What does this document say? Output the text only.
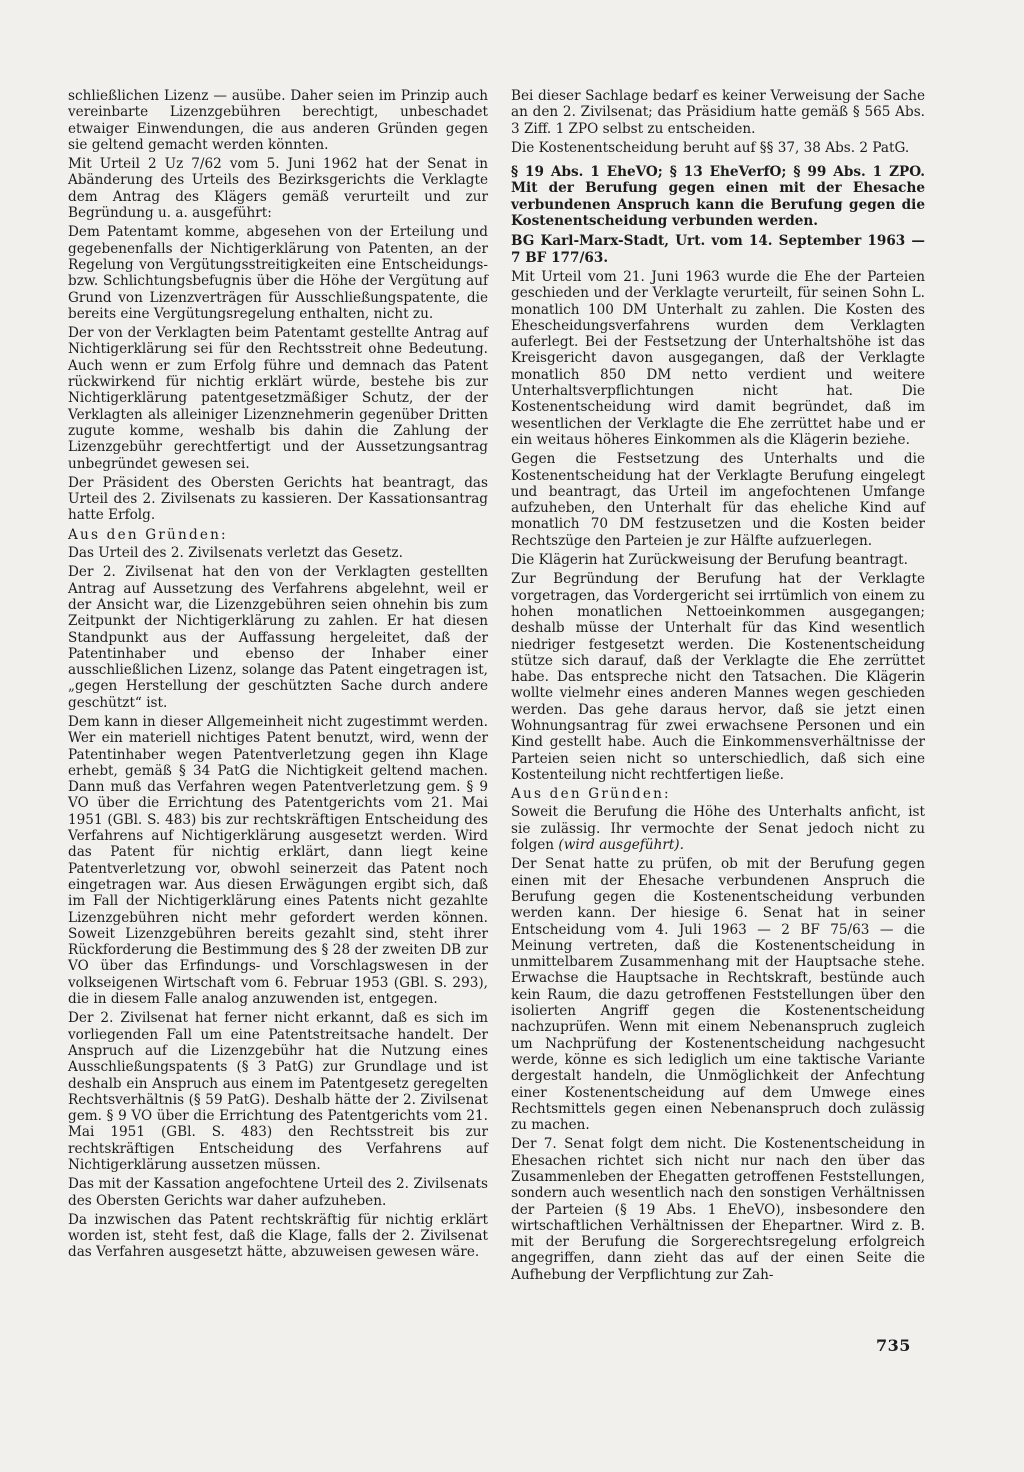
schließlichen Lizenz — ausübe. Daher seien im Prinzip auch vereinbarte Lizenzgebühren berechtigt, unbeschadet etwaiger Einwendungen, die aus anderen Gründen gegen sie geltend gemacht werden könnten.

Mit Urteil 2 Uz 7/62 vom 5. Juni 1962 hat der Senat in Abänderung des Urteils des Bezirksgerichts die Verklagte dem Antrag des Klägers gemäß verurteilt und zur Begründung u. a. ausgeführt:

Dem Patentamt komme, abgesehen von der Erteilung und gegebenenfalls der Nichtigerklärung von Patenten, an der Regelung von Vergütungsstreitigkeiten eine Entscheidungs- bzw. Schlichtungsbefugnis über die Höhe der Vergütung auf Grund von Lizenzverträgen für Ausschließungspatente, die bereits eine Vergütungsregelung enthalten, nicht zu.

Der von der Verklagten beim Patentamt gestellte Antrag auf Nichtigerklärung sei für den Rechtsstreit ohne Bedeutung. Auch wenn er zum Erfolg führe und demnach das Patent rückwirkend für nichtig erklärt würde, bestehe bis zur Nichtigerklärung patentgesetzmäßiger Schutz, der der Verklagten als alleiniger Lizenznehmerin gegenüber Dritten zugute komme, weshalb bis dahin die Zahlung der Lizenzgebühr gerechtfertigt und der Aussetzungsantrag unbegründet gewesen sei.

Der Präsident des Obersten Gerichts hat beantragt, das Urteil des 2. Zivilsenats zu kassieren. Der Kassationsantrag hatte Erfolg.

Aus den Gründen:

Das Urteil des 2. Zivilsenats verletzt das Gesetz.

Der 2. Zivilsenat hat den von der Verklagten gestellten Antrag auf Aussetzung des Verfahrens abgelehnt, weil er der Ansicht war, die Lizenzgebühren seien ohnehin bis zum Zeitpunkt der Nichtigerklärung zu zahlen. Er hat diesen Standpunkt aus der Auffassung hergeleitet, daß der Patentinhaber und ebenso der Inhaber einer ausschließlichen Lizenz, solange das Patent eingetragen ist, „gegen Herstellung der geschützten Sache durch andere geschützt“ ist.

Dem kann in dieser Allgemeinheit nicht zugestimmt werden. Wer ein materiell nichtiges Patent benutzt, wird, wenn der Patentinhaber wegen Patentverletzung gegen ihn Klage erhebt, gemäß § 34 PatG die Nichtigkeit geltend machen. Dann muß das Verfahren wegen Patentverletzung gem. § 9 VO über die Errichtung des Patentgerichts vom 21. Mai 1951 (GBl. S. 483) bis zur rechtskräftigen Entscheidung des Verfahrens auf Nichtigerklärung ausgesetzt werden. Wird das Patent für nichtig erklärt, dann liegt keine Patentverletzung vor, obwohl seinerzeit das Patent noch eingetragen war. Aus diesen Erwägungen ergibt sich, daß im Fall der Nichtigerklärung eines Patents nicht gezahlte Lizenzgebühren nicht mehr gefordert werden können. Soweit Lizenzgebühren bereits gezahlt sind, steht ihrer Rückforderung die Bestimmung des § 28 der zweiten DB zur VO über das Erfindungs- und Vorschlagswesen in der volkseigenen Wirtschaft vom 6. Februar 1953 (GBl. S. 293), die in diesem Falle analog anzuwenden ist, entgegen.

Der 2. Zivilsenat hat ferner nicht erkannt, daß es sich im vorliegenden Fall um eine Patentstreitsache handelt. Der Anspruch auf die Lizenzgebühr hat die Nutzung eines Ausschließungspatents (§ 3 PatG) zur Grundlage und ist deshalb ein Anspruch aus einem im Patentgesetz geregelten Rechtsverhältnis (§ 59 PatG). Deshalb hätte der 2. Zivilsenat gem. § 9 VO über die Errichtung des Patentgerichts vom 21. Mai 1951 (GBl. S. 483) den Rechtsstreit bis zur rechtskräftigen Entscheidung des Verfahrens auf Nichtigerklärung aussetzen müssen.

Das mit der Kassation angefochtene Urteil des 2. Zivilsenats des Obersten Gerichts war daher aufzuheben.

Da inzwischen das Patent rechtskräftig für nichtig erklärt worden ist, steht fest, daß die Klage, falls der 2. Zivilsenat das Verfahren ausgesetzt hätte, abzuweisen gewesen wäre.

Bei dieser Sachlage bedarf es keiner Verweisung der Sache an den 2. Zivilsenat; das Präsidium hatte gemäß § 565 Abs. 3 Ziff. 1 ZPO selbst zu entscheiden.

Die Kostenentscheidung beruht auf §§ 37, 38 Abs. 2 PatG.

§ 19 Abs. 1 EheVO; § 13 EheVerfO; § 99 Abs. 1 ZPO. Mit der Berufung gegen einen mit der Ehesache verbundenen Anspruch kann die Berufung gegen die Kostenentscheidung verbunden werden.

BG Karl-Marx-Stadt, Urt. vom 14. September 1963 — 7 BF 177/63.

Mit Urteil vom 21. Juni 1963 wurde die Ehe der Parteien geschieden und der Verklagte verurteilt, für seinen Sohn L. monatlich 100 DM Unterhalt zu zahlen. Die Kosten des Ehescheidungsverfahrens wurden dem Verklagten auferlegt. Bei der Festsetzung der Unterhaltshöhe ist das Kreisgericht davon ausgegangen, daß der Verklagte monatlich 850 DM netto verdient und weitere Unterhaltsverpflichtungen nicht hat. Die Kostenentscheidung wird damit begründet, daß im wesentlichen der Verklagte die Ehe zerrüttet habe und er ein weitaus höheres Einkommen als die Klägerin beziehe.

Gegen die Festsetzung des Unterhalts und die Kostenentscheidung hat der Verklagte Berufung eingelegt und beantragt, das Urteil im angefochtenen Umfange aufzuheben, den Unterhalt für das eheliche Kind auf monatlich 70 DM festzusetzen und die Kosten beider Rechtszüge den Parteien je zur Hälfte aufzuerlegen.

Die Klägerin hat Zurückweisung der Berufung beantragt.

Zur Begründung der Berufung hat der Verklagte vorgetragen, das Vordergericht sei irrtümlich von einem zu hohen monatlichen Nettoeinkommen ausgegangen; deshalb müsse der Unterhalt für das Kind wesentlich niedriger festgesetzt werden. Die Kostenentscheidung stütze sich darauf, daß der Verklagte die Ehe zerrüttet habe. Das entspreche nicht den Tatsachen. Die Klägerin wollte vielmehr eines anderen Mannes wegen geschieden werden. Das gehe daraus hervor, daß sie jetzt einen Wohnungsantrag für zwei erwachsene Personen und ein Kind gestellt habe. Auch die Einkommensverhältnisse der Parteien seien nicht so unterschiedlich, daß sich eine Kostenteilung nicht rechtfertigen ließe.

Aus den Gründen:

Soweit die Berufung die Höhe des Unterhalts anficht, ist sie zulässig. Ihr vermochte der Senat jedoch nicht zu folgen (wird ausgeführt).

Der Senat hatte zu prüfen, ob mit der Berufung gegen einen mit der Ehesache verbundenen Anspruch die Berufung gegen die Kostenentscheidung verbunden werden kann. Der hiesige 6. Senat hat in seiner Entscheidung vom 4. Juli 1963 — 2 BF 75/63 — die Meinung vertreten, daß die Kostenentscheidung in unmittelbarem Zusammenhang mit der Hauptsache stehe. Erwachse die Hauptsache in Rechtskraft, bestünde auch kein Raum, die dazu getroffenen Feststellungen über den isolierten Angriff gegen die Kostenentscheidung nachzuprüfen. Wenn mit einem Nebenanspruch zugleich um Nachprüfung der Kostenentscheidung nachgesucht werde, könne es sich lediglich um eine taktische Variante dergestalt handeln, die Unmöglichkeit der Anfechtung einer Kostenentscheidung auf dem Umwege eines Rechtsmittels gegen einen Nebenanspruch doch zulässig zu machen.

Der 7. Senat folgt dem nicht. Die Kostenentscheidung in Ehesachen richtet sich nicht nur nach den über das Zusammenleben der Ehegatten getroffenen Feststellungen, sondern auch wesentlich nach den sonstigen Verhältnissen der Parteien (§ 19 Abs. 1 EheVO), insbesondere den wirtschaftlichen Verhältnissen der Ehepartner. Wird z. B. mit der Berufung die Sorgerechtsregelung erfolgreich angegriffen, dann zieht das auf der einen Seite die Aufhebung der Verpflichtung zur Zah-

735
